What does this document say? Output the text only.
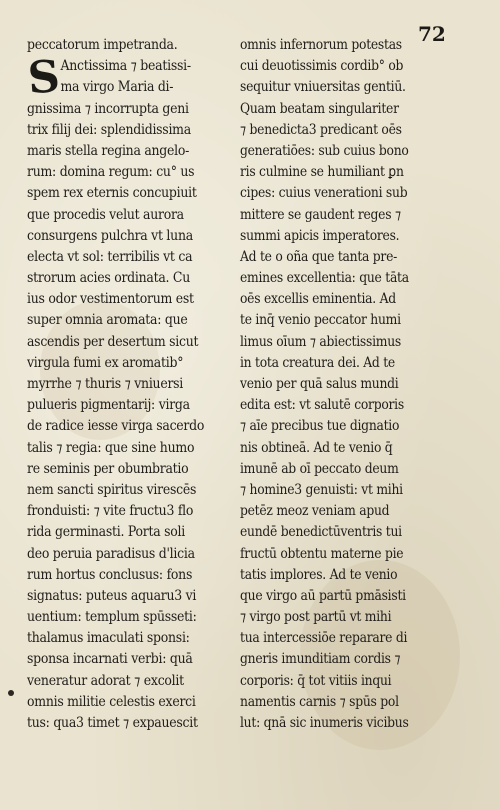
72
S
peccatorum impetranda.
Anctissima ⁊ beatissi-
ma virgo Maria di-
gnissima ⁊ incorrupta geni
trix filij dei: splendidissima
maris stella regina angelo-
rum: domina regum: cu° us
spem rex eternis concupiuit
que procedis velut aurora
consurgens pulchra vt luna
electa vt sol: terribilis vt ca
strorum acies ordinata. Cu
ius odor vestimentorum est
super omnia aromata: que
ascendis per desertum sicut
virgula fumi ex aromatib°
myrrhe ⁊ thuris ⁊ vniuersi
pulueris pigmentarij: virga
de radice iesse virga sacerdo
talis ⁊ regia: que sine humo
re seminis per obumbratio
nem sancti spiritus virescēs
fronduisti: ⁊ vite fructu3 flo
rida germinasti. Porta soli
deo peruia paradisus d'licia
rum hortus conclusus: fons
signatus: puteus aquaru3 vi
uentium: templum spūsseti:
thalamus imaculati sponsi:
sponsa incarnati verbi: quā
veneratur adorat ⁊ excolit
omnis militie celestis exerci
tus: qua3 timet ⁊ expauescit
omnis infernorum potestas
cui deuotissimis cordib° ob
sequitur vniuersitas gentiū.
Quam beatam singulariter
⁊ benedicta3 predicant oēs
generatiōes: sub cuius bono
ris culmine se humiliant ꝑn
cipes: cuius venerationi sub
mittere se gaudent reges ⁊
summi apicis imperatores.
Ad te o oña que tanta pre-
emines excellentia: que tāta
oēs excellis eminentia. Ad
te inq̄ venio peccator humi
limus oīum ⁊ abiectissimus
in tota creatura dei. Ad te
venio per quā salus mundi
edita est: vt salutē corporis
⁊ aīe precibus tue dignatio
nis obtineā. Ad te venio q̄
imunē ab oī peccato deum
⁊ homine3 genuisti: vt mihi
petēz meoz veniam apud
eundē benedictūventris tui
fructū obtentu materne pie
tatis implores. Ad te venio
que virgo aū partū pmāsisti
⁊ virgo post partū vt mihi
tua intercessiōe reparare di
gneris imunditiam cordis ⁊
corporis: q̄ tot vitiis inqui
namentis carnis ⁊ spūs pol
lut: qnā sic inumeris vicibus
